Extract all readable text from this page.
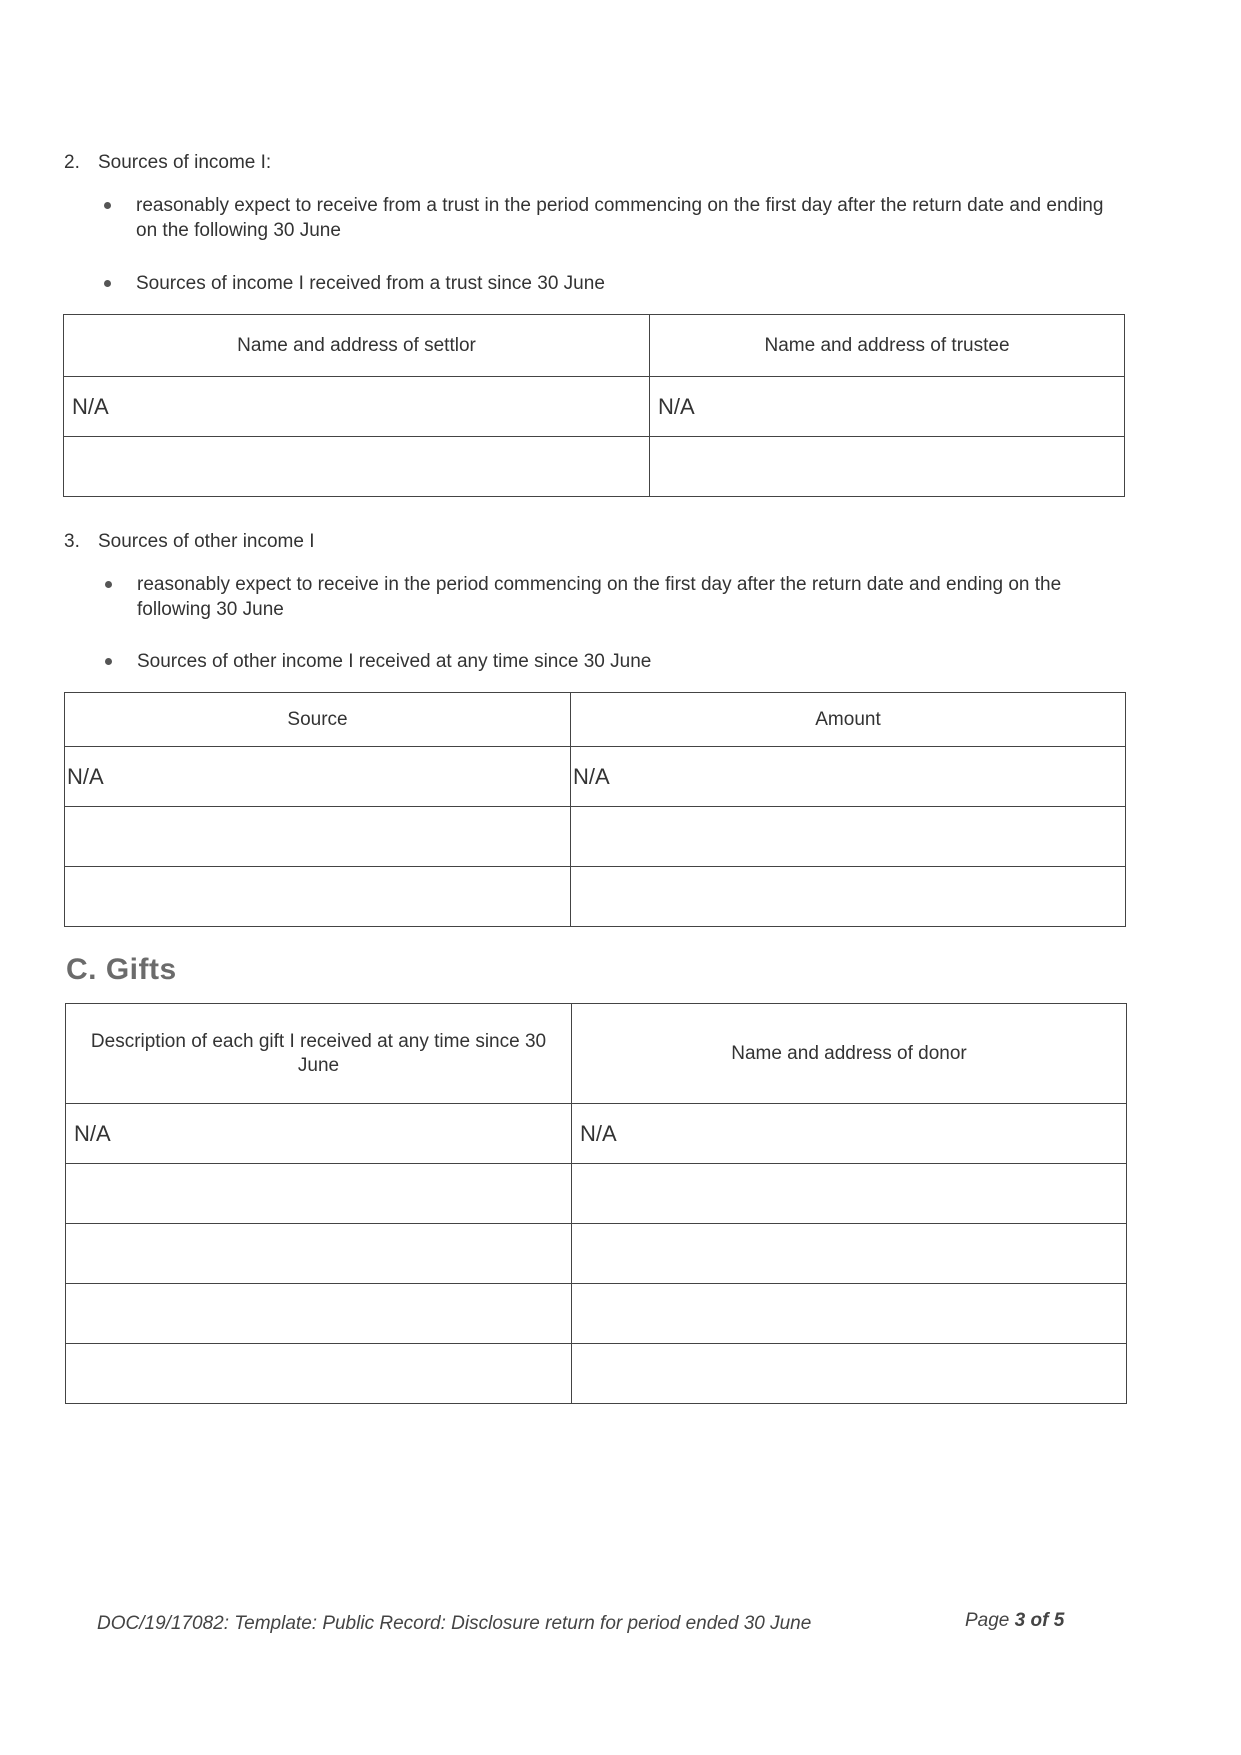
2. Sources of income I:
reasonably expect to receive from a trust in the period commencing on the first day after the return date and ending on the following 30 June
Sources of income I received from a trust since 30 June
Name and address of settlor	Name and address of trustee
N/A	N/A

3. Sources of other income I
reasonably expect to receive in the period commencing on the first day after the return date and ending on the following 30 June
Sources of other income I received at any time since 30 June
Source	Amount
N/A	N/A

C. Gifts
Description of each gift I received at any time since 30 June	Name and address of donor
N/A	N/A

DOC/19/17082: Template: Public Record: Disclosure return for period ended 30 June	Page 3 of 5
